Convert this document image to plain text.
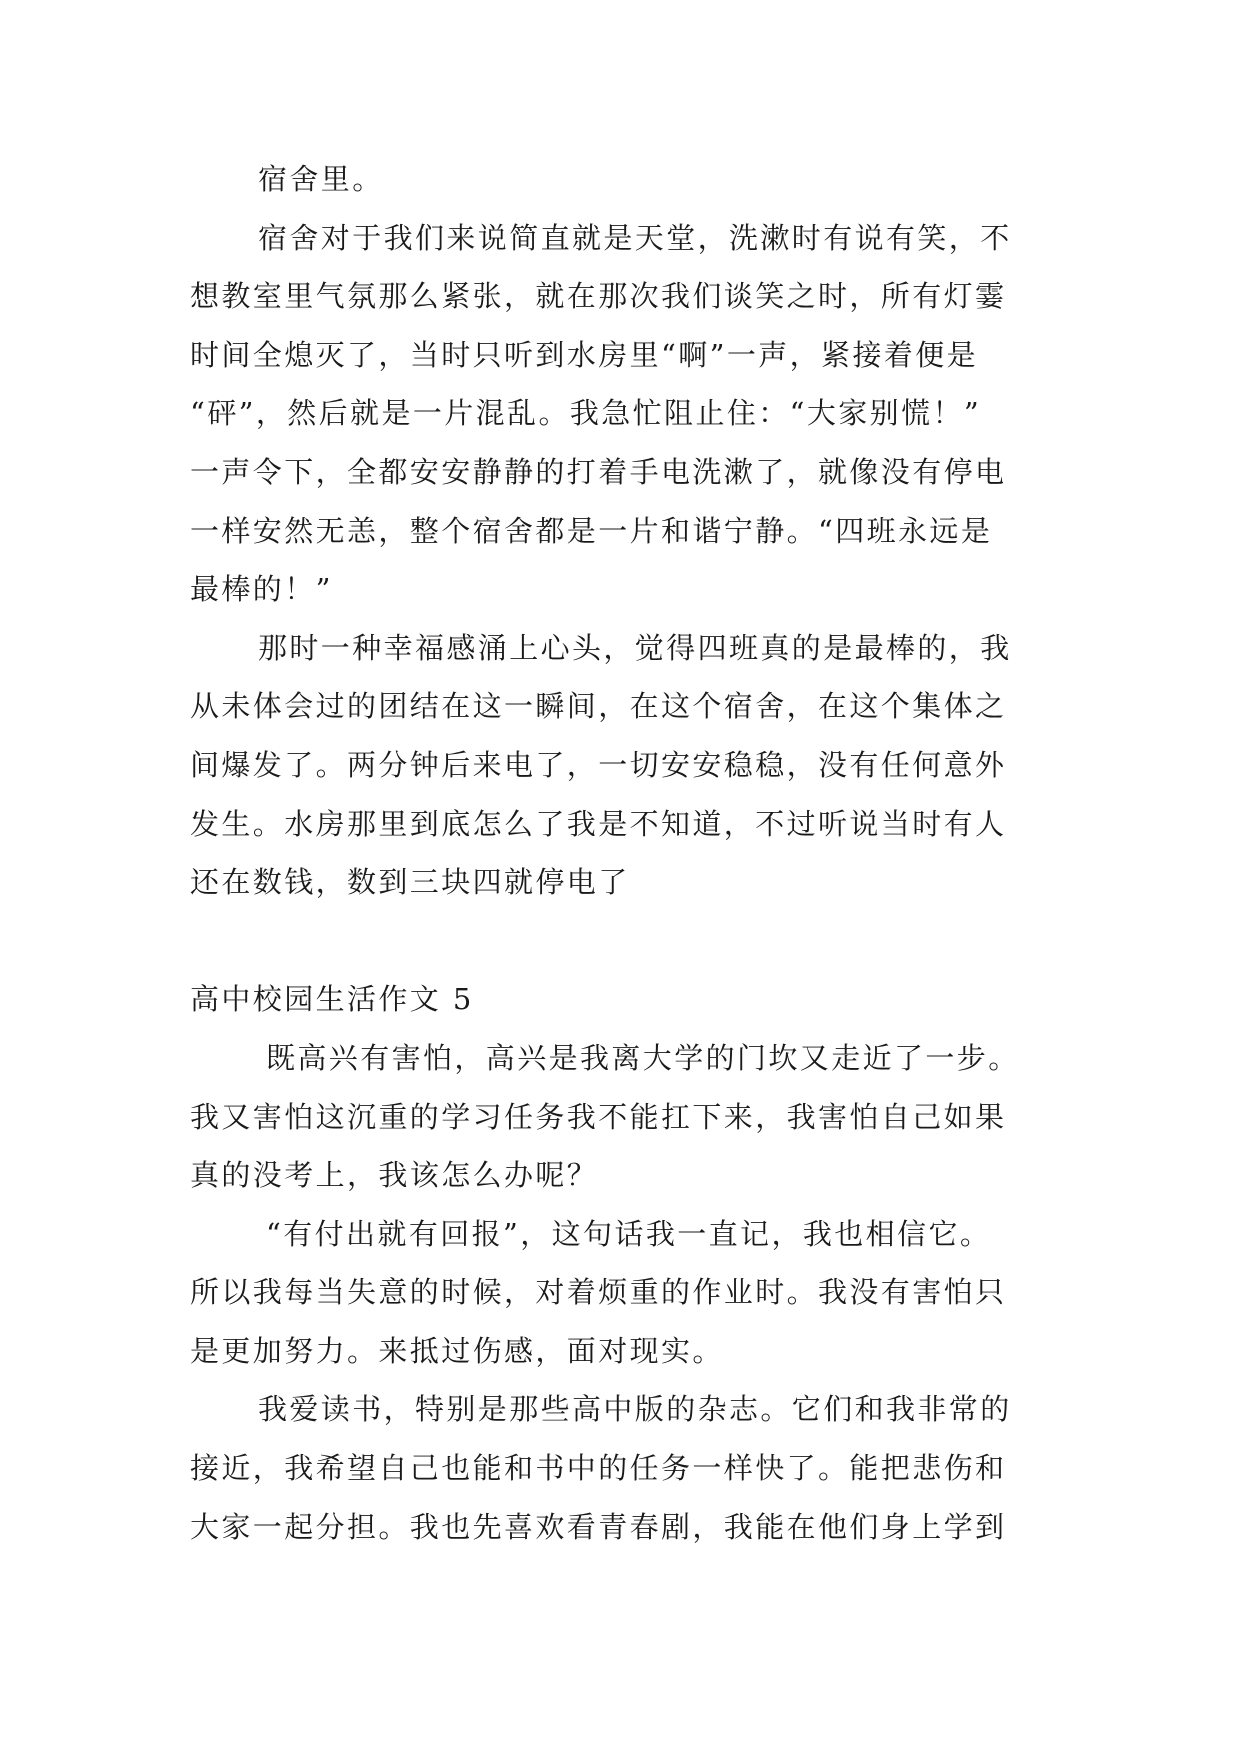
宿舍里。
宿舍对于我们来说简直就是天堂，洗漱时有说有笑，不
想教室里气氛那么紧张，就在那次我们谈笑之时，所有灯霎
时间全熄灭了，当时只听到水房里“啊”一声，紧接着便是
“砰”，然后就是一片混乱。我急忙阻止住：“大家别慌！”
一声令下，全都安安静静的打着手电洗漱了，就像没有停电
一样安然无恙，整个宿舍都是一片和谐宁静。“四班永远是
最棒的！”
那时一种幸福感涌上心头，觉得四班真的是最棒的，我
从未体会过的团结在这一瞬间，在这个宿舍，在这个集体之
间爆发了。两分钟后来电了，一切安安稳稳，没有任何意外
发生。水房那里到底怎么了我是不知道，不过听说当时有人
还在数钱，数到三块四就停电了
高中校园生活作文 5
既高兴有害怕，高兴是我离大学的门坎又走近了一步。
我又害怕这沉重的学习任务我不能扛下来，我害怕自己如果
真的没考上，我该怎么办呢？
“有付出就有回报”，这句话我一直记，我也相信它。
所以我每当失意的时候，对着烦重的作业时。我没有害怕只
是更加努力。来抵过伤感，面对现实。
我爱读书，特别是那些高中版的杂志。它们和我非常的
接近，我希望自己也能和书中的任务一样快了。能把悲伤和
大家一起分担。我也先喜欢看青春剧，我能在他们身上学到
